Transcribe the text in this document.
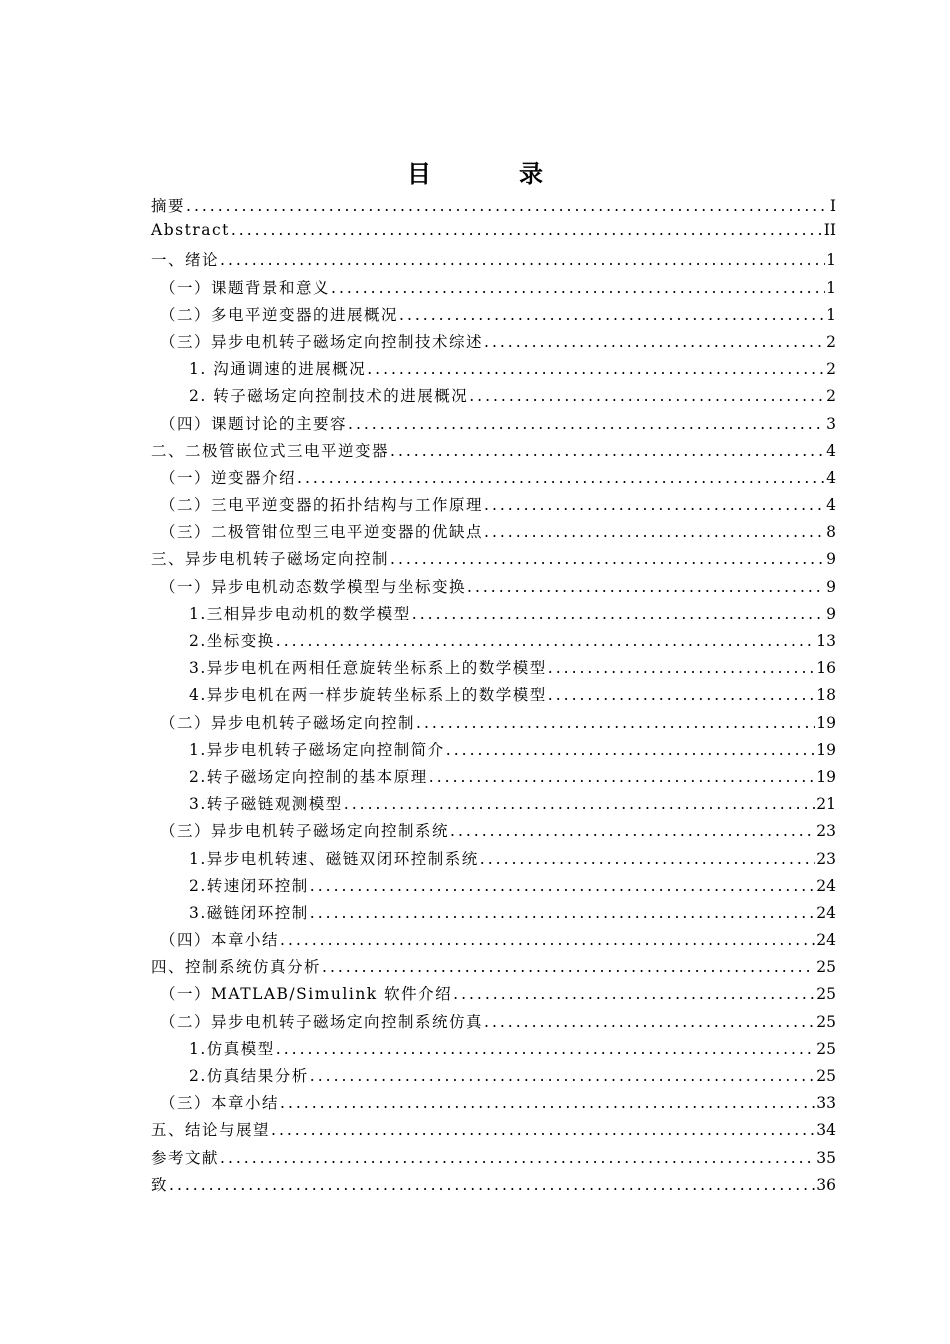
目　录
摘要 .....	I
Abstract .....	II
一、绪论 .....	1
（一）课题背景和意义 .....	1
（二）多电平逆变器的进展概况 .....	1
（三）异步电机转子磁场定向控制技术综述 .....	2
1. 沟通调速的进展概况 .....	2
2. 转子磁场定向控制技术的进展概况 .....	2
（四）课题讨论的主要容 .....	3
二、二极管嵌位式三电平逆变器 .....	4
（一）逆变器介绍 .....	4
（二）三电平逆变器的拓扑结构与工作原理 .....	4
（三）二极管钳位型三电平逆变器的优缺点 .....	8
三、异步电机转子磁场定向控制 .....	9
（一）异步电机动态数学模型与坐标变换 .....	9
1.三相异步电动机的数学模型 .....	9
2.坐标变换 .....	13
3.异步电机在两相任意旋转坐标系上的数学模型 .....	16
4.异步电机在两一样步旋转坐标系上的数学模型 .....	18
（二）异步电机转子磁场定向控制 .....	19
1.异步电机转子磁场定向控制简介 .....	19
2.转子磁场定向控制的基本原理 .....	19
3.转子磁链观测模型 .....	21
（三）异步电机转子磁场定向控制系统 .....	23
1.异步电机转速、磁链双闭环控制系统 .....	23
2.转速闭环控制 .....	24
3.磁链闭环控制 .....	24
（四）本章小结 .....	24
四、控制系统仿真分析 .....	25
（一）MATLAB/Simulink 软件介绍 .....	25
（二）异步电机转子磁场定向控制系统仿真 .....	25
1.仿真模型 .....	25
2.仿真结果分析 .....	25
（三）本章小结 .....	33
五、结论与展望 .....	34
参考文献 .....	35
致 .....	36
